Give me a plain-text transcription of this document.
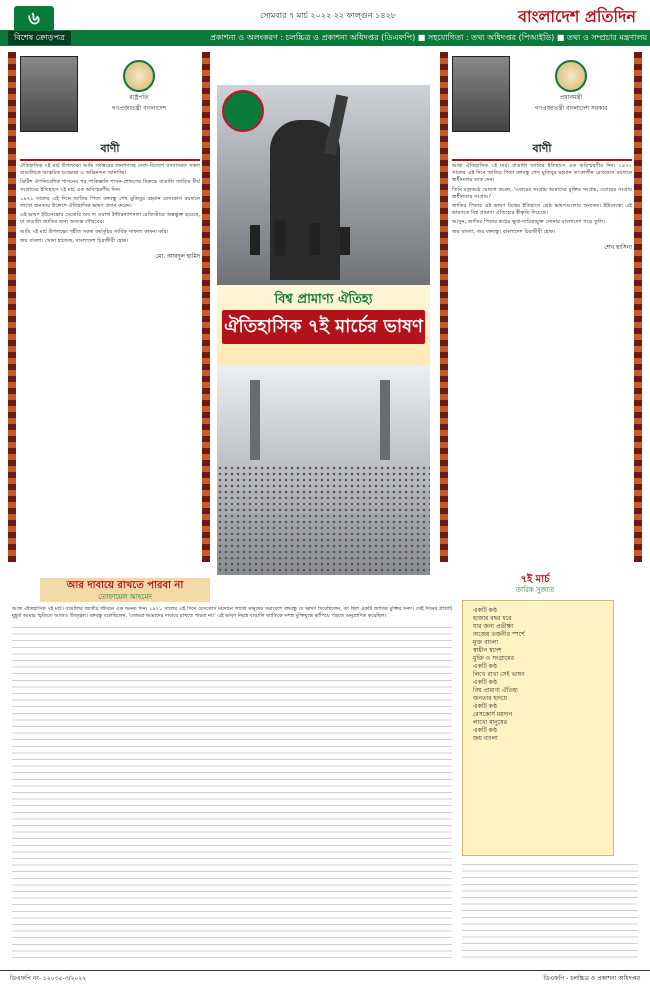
৬	সোমবার ৭ মার্চ ২০২২ ২২ ফাল্গুন ১৪২৮	বাংলাদেশ প্রতিদিন
বিশেষ ক্রোড়পত্র	প্রকাশনা ও অলংকরণ : চলচ্চিত্র ও প্রকাশনা অধিদপ্তর (ডিএফপি) ■ সহযোগিতা : তথ্য অধিদপ্তর (পিআইডি) ■ তথ্য ও সম্প্রচার মন্ত্রণালয়
রাষ্ট্রপতি
গণপ্রজাতন্ত্রী বাংলাদেশ
বাণী

ঐতিহাসিক ৭ই মার্চ উপলক্ষ্যে আমি সর্বস্তরের জনগণসহ দেশে-বিদেশে বসবাসরত সকল বাঙালিকে আন্তরিক শুভেচ্ছা ও অভিনন্দন জানাচ্ছি।

ব্রিটিশ ঔপনিবেশিক শাসনের পর পাকিস্তানি শাসন-শোষণের বিরুদ্ধে বাঙালি জাতির দীর্ঘ সংগ্রামের ইতিহাসে ৭ই মার্চ এক অবিস্মরণীয় দিন।

১৯৭১ সালের এই দিনে জাতির পিতা বঙ্গবন্ধু শেখ মুজিবুর রহমান রেসকোর্স ময়দানে লাখো জনতার উদ্দেশে ঐতিহাসিক ভাষণ প্রদান করেন।

এই ভাষণ ইউনেস্কোর মেমোরি অব দ্য ওয়ার্ল্ড ইন্টারন্যাশনাল রেজিস্টারে অন্তর্ভুক্ত হয়েছে, যা বাঙালি জাতির জন্য অত্যন্ত গৌরবের।

আমি ৭ই মার্চ উপলক্ষ্যে গৃহীত সকল কর্মসূচির সার্বিক সাফল্য কামনা করি।

জয় বাংলা। খোদা হাফেজ, বাংলাদেশ চিরজীবী হোক।

মো. আবদুল হামিদ
বিশ্ব প্রামাণ্য ঐতিহ্য
ঐতিহাসিক ৭ই মার্চের ভাষণ
প্রধানমন্ত্রী
গণপ্রজাতন্ত্রী বাংলাদেশ সরকার
বাণী

আজ ঐতিহাসিক ৭ই মার্চ। বাঙালি জাতির ইতিহাসে এক অবিস্মরণীয় দিন। ১৯৭১ সালের এই দিনে জাতির পিতা বঙ্গবন্ধু শেখ মুজিবুর রহমান তৎকালীন রেসকোর্স ময়দানে স্বাধীনতার ডাক দেন।

তিনি বজ্রকণ্ঠে ঘোষণা করেন, 'এবারের সংগ্রাম আমাদের মুক্তির সংগ্রাম, এবারের সংগ্রাম স্বাধীনতার সংগ্রাম।'

জাতির পিতার এই ভাষণ বিশ্বের ইতিহাসে শ্রেষ্ঠ ভাষণগুলোর অন্যতম। ইউনেস্কো এই ভাষণকে বিশ্ব প্রামাণ্য ঐতিহ্যের স্বীকৃতি দিয়েছে।

আসুন, জাতির পিতার স্বপ্নের ক্ষুধা-দারিদ্র্যমুক্ত সোনার বাংলাদেশ গড়ে তুলি।

জয় বাংলা, জয় বঙ্গবন্ধু। বাংলাদেশ চিরজীবী হোক।

শেখ হাসিনা
আর দাবায়ে রাখতে পারবা না
তোফায়েল আহমেদ

আজ ঐতিহাসিক ৭ই মার্চ। বাঙালির জাতীয় জীবনে এক অনন্য দিন। ১৯৭১ সালের এই দিনে রেসকোর্স ময়দানে লাখো মানুষের সমাবেশে বঙ্গবন্ধু যে ভাষণ দিয়েছিলেন, তা ছিল একটি জাতির মুক্তির সনদ। সেই দিনের প্রতিটি মুহূর্ত আমার স্মৃতিতে আজও উজ্জ্বল। বঙ্গবন্ধু বলেছিলেন, 'তোমরা আমাদের দাবায়ে রাখতে পারবা না।' এই ভাষণ নিরস্ত্র বাঙালি জাতিকে সশস্ত্র মুক্তিযুদ্ধে ঝাঁপিয়ে পড়তে অনুপ্রাণিত করেছিল।

৭ই মার্চ
তারিক সুজাত
একটি কণ্ঠ
হাজার বছর ধরে
যার জন্য প্রতীক্ষা
অজেয় তর্জনীর স্পর্শে
মুক্ত বাংলা
স্বাধীন স্বদেশ
মুক্তি ও সংগ্রামের
একটি কণ্ঠ
লিখে রাখা সেই ভাষণ
একটি কণ্ঠ
বিশ্ব প্রামাণ্য ঐতিহ্য
জনতার হৃদয়ে
একটি কণ্ঠ
রেসকোর্স ময়দান
লাখো মানুষের
একটি কণ্ঠ
জয় বাংলা
ডিএফপি নং- ১২০৩৫-৩/২০২২	ডিএফপি - চলচ্চিত্র ও প্রকাশনা অধিদপ্তর
